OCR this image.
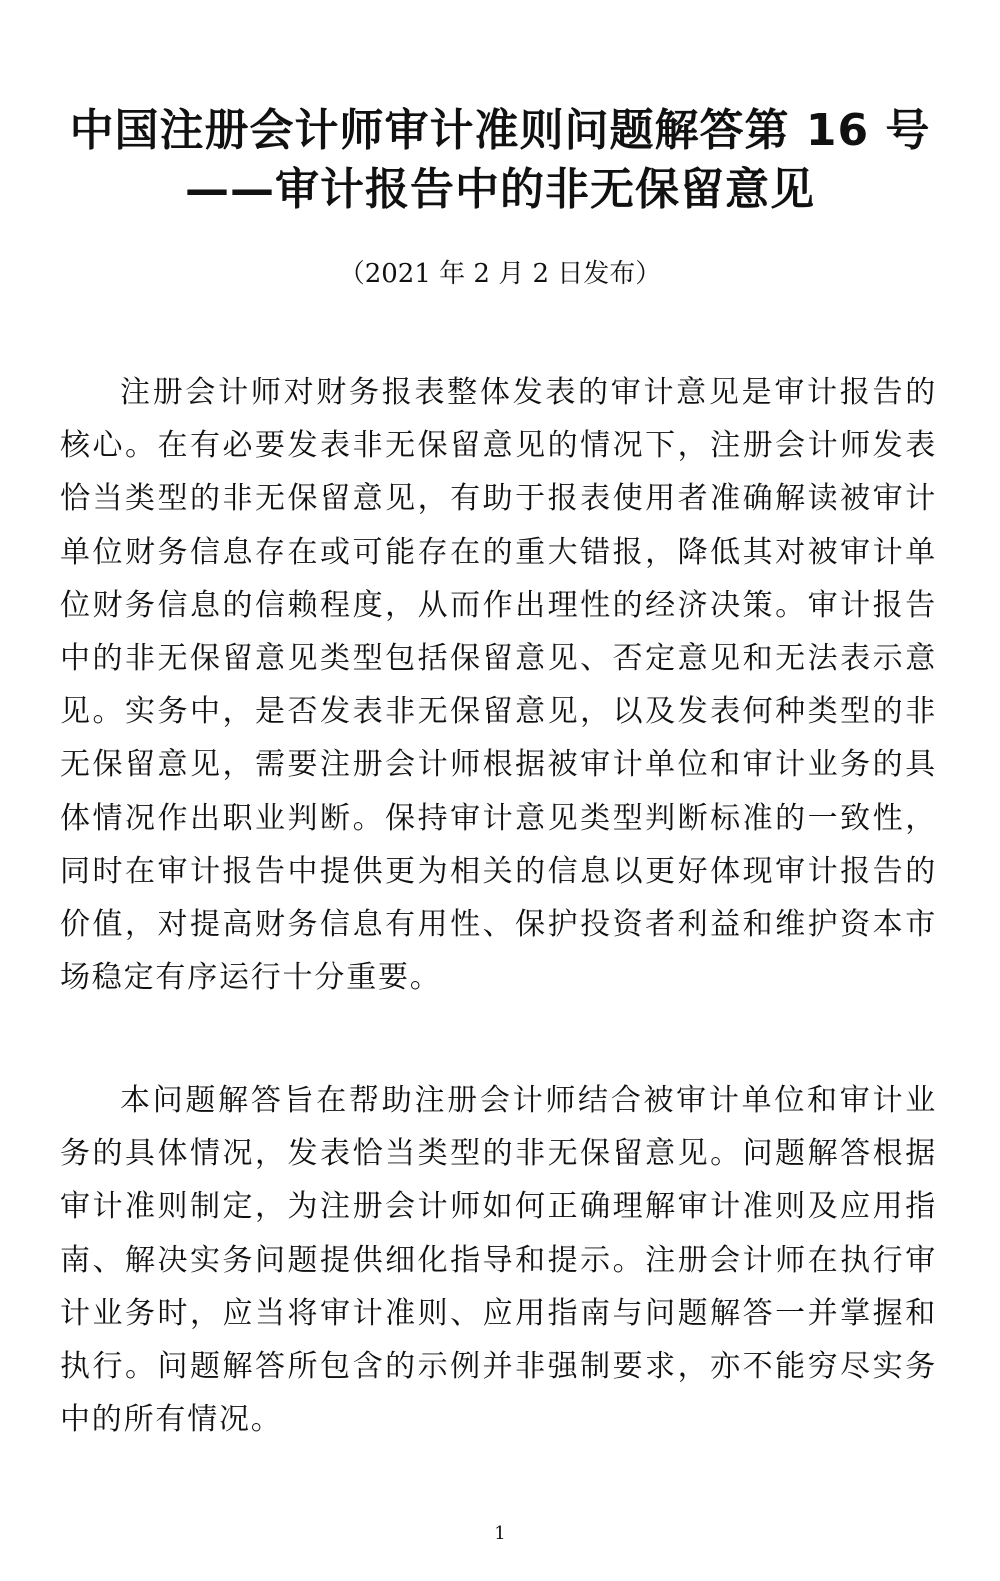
中国注册会计师审计准则问题解答第 16 号
——审计报告中的非无保留意见
（2021 年 2 月 2 日发布）

注册会计师对财务报表整体发表的审计意见是审计报告的核心。在有必要发表非无保留意见的情况下，注册会计师发表恰当类型的非无保留意见，有助于报表使用者准确解读被审计单位财务信息存在或可能存在的重大错报，降低其对被审计单位财务信息的信赖程度，从而作出理性的经济决策。审计报告中的非无保留意见类型包括保留意见、否定意见和无法表示意见。实务中，是否发表非无保留意见，以及发表何种类型的非无保留意见，需要注册会计师根据被审计单位和审计业务的具体情况作出职业判断。保持审计意见类型判断标准的一致性，同时在审计报告中提供更为相关的信息以更好体现审计报告的价值，对提高财务信息有用性、保护投资者利益和维护资本市场稳定有序运行十分重要。

本问题解答旨在帮助注册会计师结合被审计单位和审计业务的具体情况，发表恰当类型的非无保留意见。问题解答根据审计准则制定，为注册会计师如何正确理解审计准则及应用指南、解决实务问题提供细化指导和提示。注册会计师在执行审计业务时，应当将审计准则、应用指南与问题解答一并掌握和执行。问题解答所包含的示例并非强制要求，亦不能穷尽实务中的所有情况。

1
